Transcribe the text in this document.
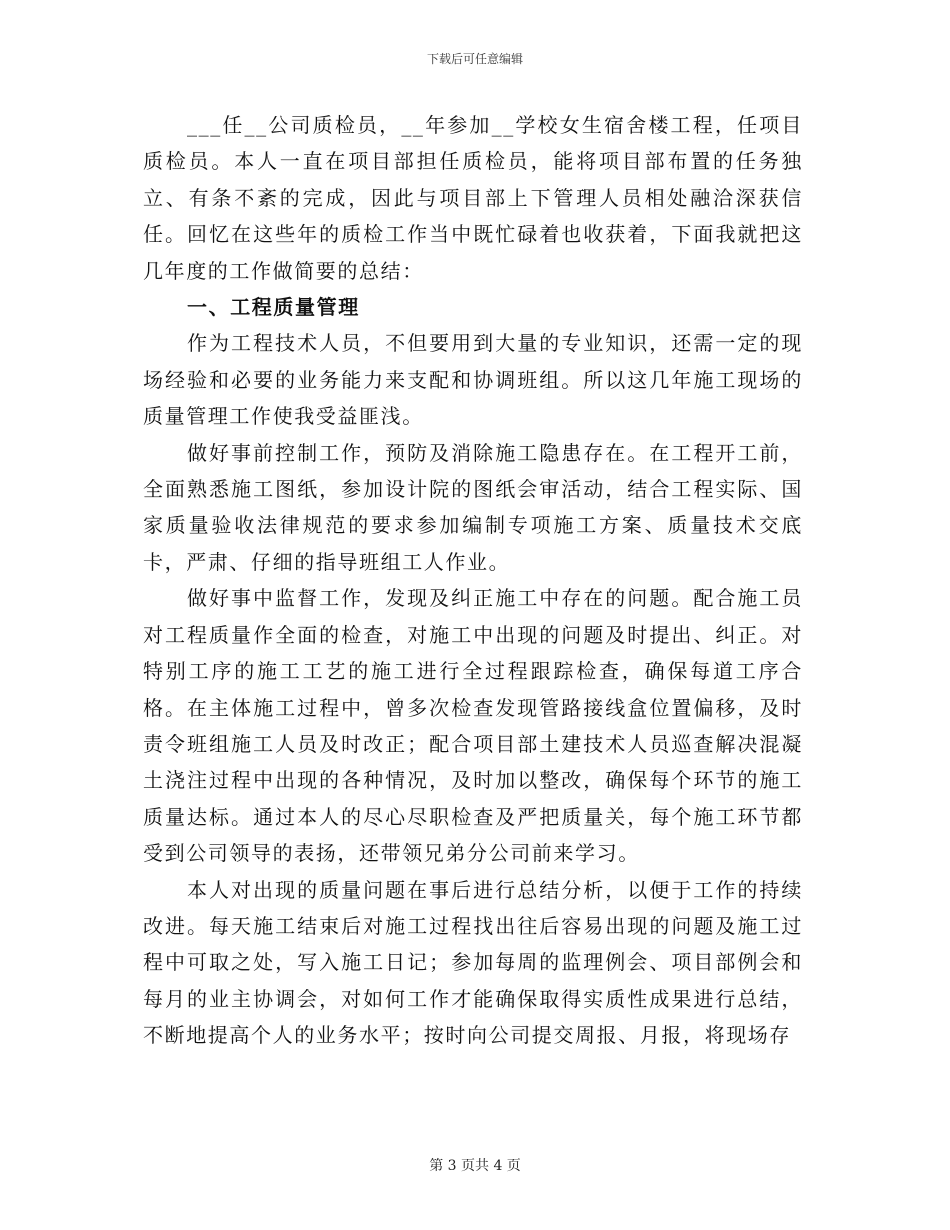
下载后可任意编辑

___任__公司质检员，__年参加__学校女生宿舍楼工程，任项目质检员。本人一直在项目部担任质检员，能将项目部布置的任务独立、有条不紊的完成，因此与项目部上下管理人员相处融洽深获信任。回忆在这些年的质检工作当中既忙碌着也收获着，下面我就把这几年度的工作做简要的总结：

一、工程质量管理

作为工程技术人员，不但要用到大量的专业知识，还需一定的现场经验和必要的业务能力来支配和协调班组。所以这几年施工现场的质量管理工作使我受益匪浅。

做好事前控制工作，预防及消除施工隐患存在。在工程开工前，全面熟悉施工图纸，参加设计院的图纸会审活动，结合工程实际、国家质量验收法律规范的要求参加编制专项施工方案、质量技术交底卡，严肃、仔细的指导班组工人作业。

做好事中监督工作，发现及纠正施工中存在的问题。配合施工员对工程质量作全面的检查，对施工中出现的问题及时提出、纠正。对特别工序的施工工艺的施工进行全过程跟踪检查，确保每道工序合格。在主体施工过程中，曾多次检查发现管路接线盒位置偏移，及时责令班组施工人员及时改正；配合项目部土建技术人员巡查解决混凝土浇注过程中出现的各种情况，及时加以整改，确保每个环节的施工质量达标。通过本人的尽心尽职检查及严把质量关，每个施工环节都受到公司领导的表扬，还带领兄弟分公司前来学习。

本人对出现的质量问题在事后进行总结分析，以便于工作的持续改进。每天施工结束后对施工过程找出往后容易出现的问题及施工过程中可取之处，写入施工日记；参加每周的监理例会、项目部例会和每月的业主协调会，对如何工作才能确保取得实质性成果进行总结，不断地提高个人的业务水平；按时向公司提交周报、月报，将现场存

第 3 页共 4 页
